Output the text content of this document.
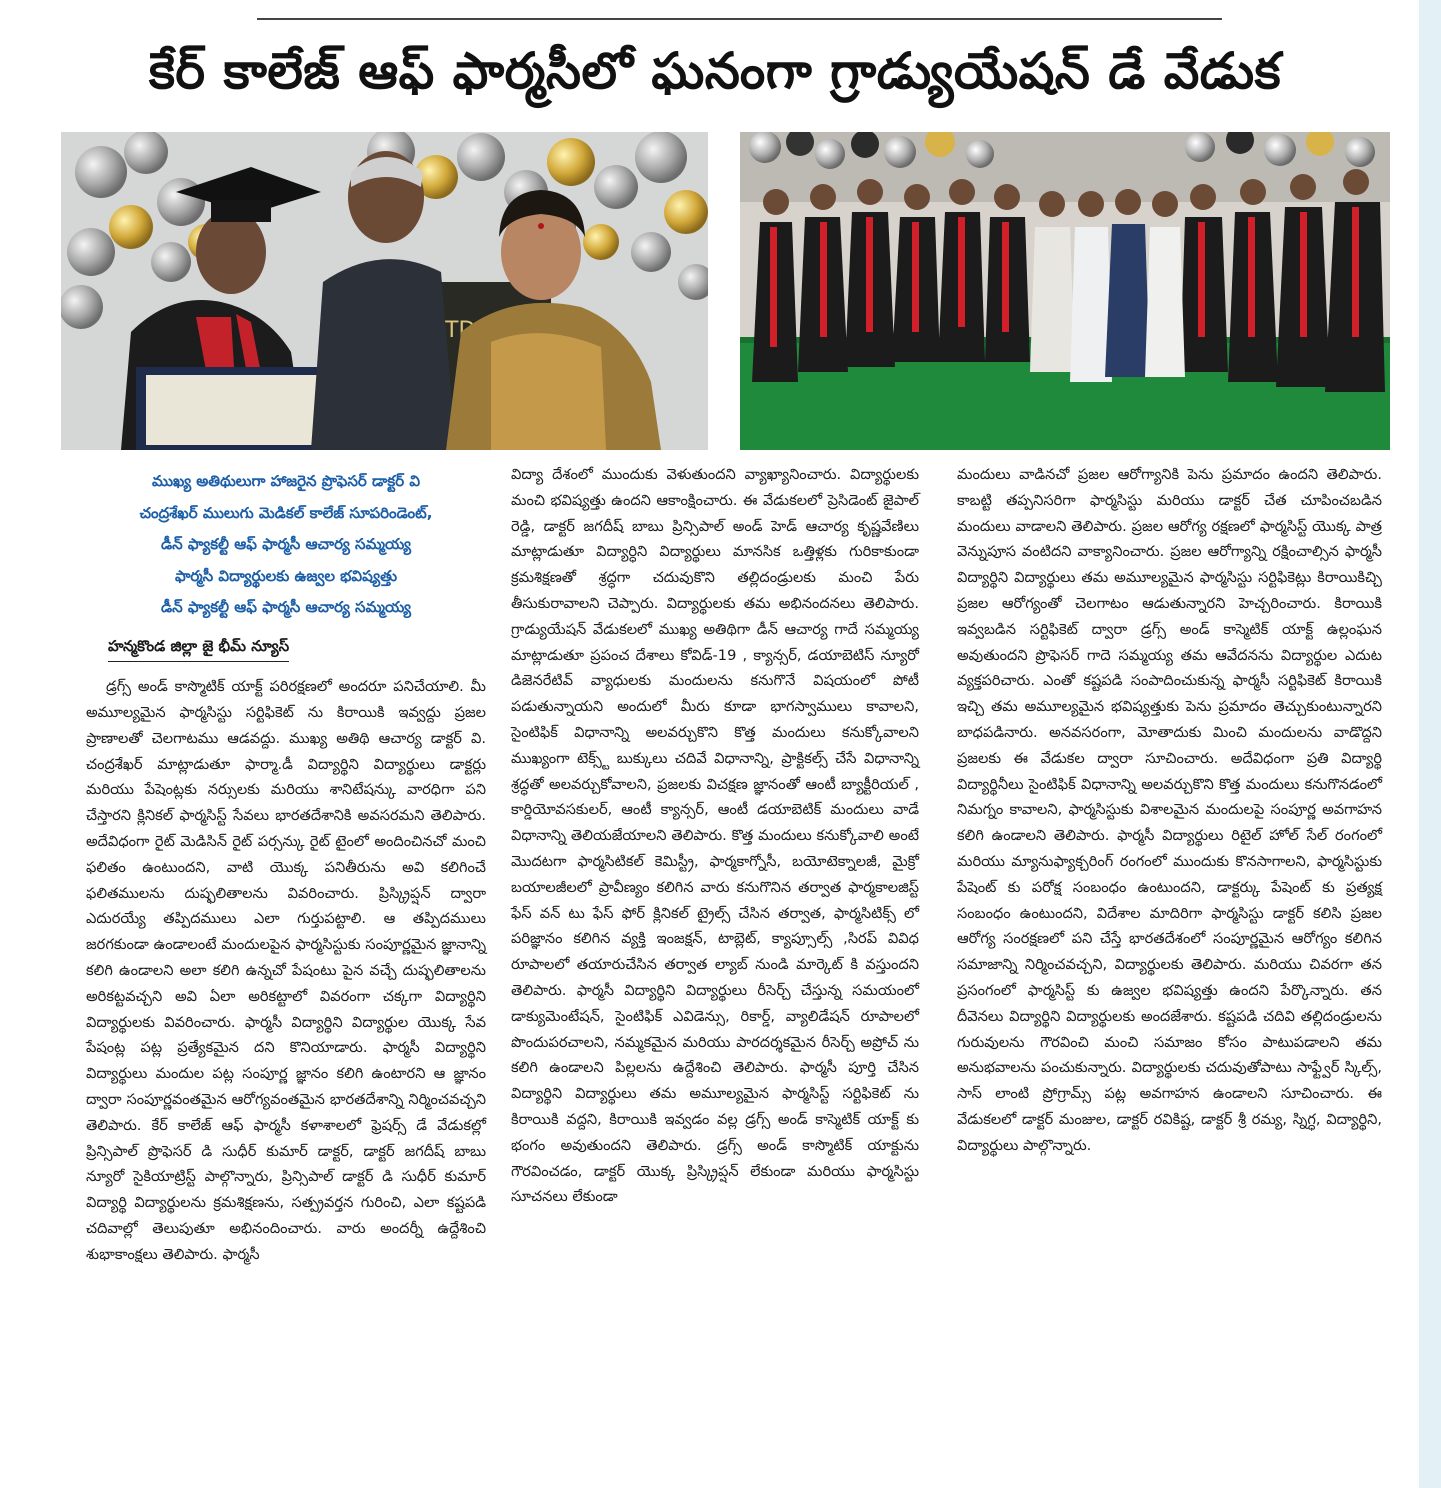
కేర్ కాలేజ్ ఆఫ్ ఫార్మసీలో ఘనంగా గ్రాడ్యుయేషన్ డే వేడుక
ముఖ్య అతిథులుగా హాజరైన ప్రొఫెసర్ డాక్టర్ వి
చంద్రశేఖర్ ములుగు మెడికల్ కాలేజ్ సూపరిండెంట్,
డీన్ ఫ్యాకల్టీ ఆఫ్ ఫార్మసీ ఆచార్య సమ్మయ్య
ఫార్మసీ విద్యార్థులకు ఉజ్వల భవిష్యత్తు
డీన్ ఫ్యాకల్టీ ఆఫ్ ఫార్మసీ ఆచార్య సమ్మయ్య
హన్మకొండ జిల్లా జై భీమ్ న్యూస్

డ్రగ్స్ అండ్ కాస్మొటిక్ యాక్ట్ పరిరక్షణలో అందరూ పనిచేయాలి. మీ అమూల్యమైన ఫార్మసిస్టు సర్టిఫికెట్ ను కిరాయికి ఇవ్వద్దు ప్రజల ప్రాణాలతో చెలగాటము ఆడవద్దు. ముఖ్య అతిథి ఆచార్య డాక్టర్ వి. చంద్రశేఖర్ మాట్లాడుతూ ఫార్మా.డీ విద్యార్థిని విద్యార్థులు డాక్టర్లు మరియు పేషెంట్లకు నర్సులకు మరియు శానిటేషన్కు వారధిగా పని చేస్తారని క్లినికల్ ఫార్మసిస్ట్ సేవలు భారతదేశానికి అవసరమని తెలిపారు. అదేవిధంగా రైట్ మెడిసిన్ రైట్ పర్సన్కు రైట్ టైంలో అందించినచో మంచి ఫలితం ఉంటుందని, వాటి యొక్క పనితీరును అవి కలిగించే ఫలితములను దుష్ఫలితాలను వివరించారు. ప్రిస్క్రిప్షన్ ద్వారా ఎదురయ్యే తప్పిదములు ఎలా గుర్తుపట్టాలి. ఆ తప్పిదములు జరగకుండా ఉండాలంటే మందులపైన ఫార్మసిస్టుకు సంపూర్ణమైన జ్ఞానాన్ని కలిగి ఉండాలని అలా కలిగి ఉన్నచో పేషంటు పైన వచ్చే దుష్ఫలితాలను అరికట్టవచ్చని అవి ఏలా అరికట్టాలో వివరంగా చక్కగా విద్యార్థిని విద్యార్థులకు వివరించారు. ఫార్మసీ విద్యార్థిని విద్యార్థుల యొక్క సేవ పేషంట్ల పట్ల ప్రత్యేకమైన దని కొనియాడారు. ఫార్మసీ విద్యార్థిని విద్యార్థులు మందుల పట్ల సంపూర్ణ జ్ఞానం కలిగి ఉంటారని ఆ జ్ఞానం ద్వారా సంపూర్ణవంతమైన ఆరోగ్యవంతమైన భారతదేశాన్ని నిర్మించవచ్చని తెలిపారు. కేర్ కాలేజ్ ఆఫ్ ఫార్మసీ కళాశాలలో ఫ్రెషర్స్ డే వేడుకల్లో ప్రిన్సిపాల్ ప్రొఫెసర్ డి సుధీర్ కుమార్ డాక్టర్, డాక్టర్ జగదీష్ బాబు న్యూరో సైకియాట్రిస్ట్ పాల్గొన్నారు, ప్రిన్సిపాల్ డాక్టర్ డి సుధీర్ కుమార్ విద్యార్థి విద్యార్థులను క్రమశిక్షణను, సత్ప్రవర్తన గురించి, ఎలా కష్టపడి చదివాల్లో తెలుపుతూ అభినందించారు. వారు అందర్నీ ఉద్దేశించి శుభాకాంక్షలు తెలిపారు. ఫార్మసీ

విద్యా దేశంలో ముందుకు వెళుతుందని వ్యాఖ్యానించారు. విద్యార్థులకు మంచి భవిష్యత్తు ఉందని ఆకాంక్షించారు. ఈ వేడుకలలో ప్రెసిడెంట్ జైపాల్ రెడ్డి, డాక్టర్ జగదీష్ బాబు ప్రిన్సిపాల్ అండ్ హెడ్ ఆచార్య కృష్ణవేణిలు మాట్లాడుతూ విద్యార్ధిని విద్యార్థులు మానసిక ఒత్తిళ్లకు గురికాకుండా క్రమశిక్షణతో శ్రద్ధగా చదువుకొని తల్లిదండ్రులకు మంచి పేరు తీసుకురావాలని చెప్పారు. విద్యార్థులకు తమ అభినందనలు తెలిపారు. గ్రాడ్యుయేషన్ వేడుకలలో ముఖ్య అతిథిగా డీన్ ఆచార్య గాదే సమ్మయ్య మాట్లాడుతూ ప్రపంచ దేశాలు కోవిడ్-19 , క్యాన్సర్, డయాబెటిస్ న్యూరో డిజెనరేటివ్ వ్యాధులకు మందులను కనుగొనే విషయంలో పోటీ పడుతున్నాయని అందులో మీరు కూడా భాగస్వాములు కావాలని, సైంటిఫిక్ విధానాన్ని అలవర్చుకొని కొత్త మందులు కనుక్కోవాలని ముఖ్యంగా టెక్స్ట్ బుక్కులు చదివే విధానాన్ని, ప్రాక్టికల్స్ చేసే విధానాన్ని శ్రద్ధతో అలవర్చుకోవాలని, ప్రజలకు విచక్షణ జ్ఞానంతో ఆంటీ బ్యాక్టీరియల్ , కార్డియోవసకులర్, ఆంటీ క్యాన్సర్, ఆంటీ డయాబెటిక్ మందులు వాడే విధానాన్ని తెలియజేయాలని తెలిపారు. కొత్త మందులు కనుక్కోవాలి అంటే మొదటగా ఫార్మసిటికల్ కెమిస్ట్రీ, ఫార్మకాగ్నోసీ, బయోటెక్నాలజీ, మైక్రో బయాలజీలలో ప్రావీణ్యం కలిగిన వారు కనుగొనిన తర్వాత ఫార్మకాలజిస్ట్ ఫేస్ వన్ టు ఫేస్ ఫోర్ క్లినికల్ ట్రైల్స్ చేసిన తర్వాత, ఫార్మసిటిక్స్ లో పరిజ్ఞానం కలిగిన వ్యక్తి ఇంజక్షన్, టాబ్లెట్, క్యాప్సూల్స్ ,సిరప్ వివిధ రూపాలలో తయారుచేసిన తర్వాత ల్యాబ్ నుండి మార్కెట్ కి వస్తుందని తెలిపారు. ఫార్మసీ విద్యార్థిని విద్యార్థులు రీసెర్చ్ చేస్తున్న సమయంలో డాక్యుమెంటేషన్, సైంటిఫిక్ ఎవిడెన్సు, రికార్డ్, వ్యాలిడేషన్ రూపాలలో పొందుపరచాలని, నమ్మకమైన మరియు పారదర్శకమైన రీసెర్చ్ అప్రోచ్ ను కలిగి ఉండాలని పిల్లలను ఉద్దేశించి తెలిపారు. ఫార్మసీ పూర్తి చేసిన విద్యార్థిని విద్యార్థులు తమ అమూల్యమైన ఫార్మసిస్ట్ సర్టిఫికెట్ ను కిరాయికి వద్దని, కిరాయికి ఇవ్వడం వల్ల డ్రగ్స్ అండ్ కాస్మెటిక్ యాక్ట్ కు భంగం అవుతుందని తెలిపారు. డ్రగ్స్ అండ్ కాస్మొటిక్ యాక్టును గౌరవించడం, డాక్టర్ యొక్క ప్రిస్క్రిప్షన్ లేకుండా మరియు ఫార్మసిస్టు సూచనలు లేకుండా

మందులు వాడినచో ప్రజల ఆరోగ్యానికి పెను ప్రమాదం ఉందని తెలిపారు. కాబట్టి తప్పనిసరిగా ఫార్మసిస్టు మరియు డాక్టర్ చేత చూపించబడిన మందులు వాడాలని తెలిపారు. ప్రజల ఆరోగ్య రక్షణలో ఫార్మసిస్ట్ యొక్క పాత్ర వెన్నుపూస వంటిదని వాక్యానించారు. ప్రజల ఆరోగ్యాన్ని రక్షించాల్సిన ఫార్మసీ విద్యార్థిని విద్యార్థులు తమ అమూల్యమైన ఫార్మసిస్టు సర్టిఫికెట్లు కిరాయికిచ్చి ప్రజల ఆరోగ్యంతో చెలగాటం ఆడుతున్నారని హెచ్చరించారు. కిరాయికి ఇవ్వబడిన సర్టిఫికెట్ ద్వారా డ్రగ్స్ అండ్ కాస్మెటిక్ యాక్ట్ ఉల్లంఘన అవుతుందని ప్రొఫెసర్ గాదె సమ్మయ్య తమ ఆవేదనను విద్యార్థుల ఎదుట వ్యక్తపరిచారు. ఎంతో కష్టపడి సంపాదించుకున్న ఫార్మసీ సర్టిఫికెట్ కిరాయికి ఇచ్చి తమ అమూల్యమైన భవిష్యత్తుకు పెను ప్రమాదం తెచ్చుకుంటున్నారని బాధపడినారు. అనవసరంగా, మోతాదుకు మించి మందులను వాడొద్దని ప్రజలకు ఈ వేడుకల ద్వారా సూచించారు. అదేవిధంగా ప్రతి విద్యార్థి విద్యార్థినీలు సైంటిఫిక్ విధానాన్ని అలవర్చుకొని కొత్త మందులు కనుగొనడంలో నిమగ్నం కావాలని, ఫార్మసిస్టుకు విశాలమైన మందులపై సంపూర్ణ అవగాహన కలిగి ఉండాలని తెలిపారు. ఫార్మసీ విద్యార్థులు రిటైల్ హోల్ సేల్ రంగంలో మరియు మ్యానుఫ్యాక్చరింగ్ రంగంలో ముందుకు కొనసాగాలని, ఫార్మసిస్టుకు పేషెంట్ కు పరోక్ష సంబంధం ఉంటుందని, డాక్టర్కు పేషెంట్ కు ప్రత్యక్ష సంబంధం ఉంటుందని, విదేశాల మాదిరిగా ఫార్మసిస్టు డాక్టర్ కలిసి ప్రజల ఆరోగ్య సంరక్షణలో పని చేస్తే భారతదేశంలో సంపూర్ణమైన ఆరోగ్యం కలిగిన సమాజాన్ని నిర్మించవచ్చని, విద్యార్థులకు తెలిపారు. మరియు చివరగా తన ప్రసంగంలో ఫార్మసిస్ట్ కు ఉజ్వల భవిష్యత్తు ఉందని పేర్కొన్నారు. తన దీవెనలు విద్యార్థిని విద్యార్థులకు అందజేశారు. కష్టపడి చదివి తల్లిదండ్రులను గురువులను గౌరవించి మంచి సమాజం కోసం పాటుపడాలని తమ అనుభవాలను పంచుకున్నారు. విద్యార్థులకు చదువుతోపాటు సాఫ్ట్వేర్ స్కిల్స్, సాస్ లాంటి ప్రోగ్రామ్స్ పట్ల అవగాహన ఉండాలని సూచించారు. ఈ వేడుకలలో డాక్టర్ మంజుల, డాక్టర్ రవికిష్ట, డాక్టర్ శ్రీ రమ్య, స్నిగ్ధ, విద్యార్థిని, విద్యార్థులు పాల్గొన్నారు.
